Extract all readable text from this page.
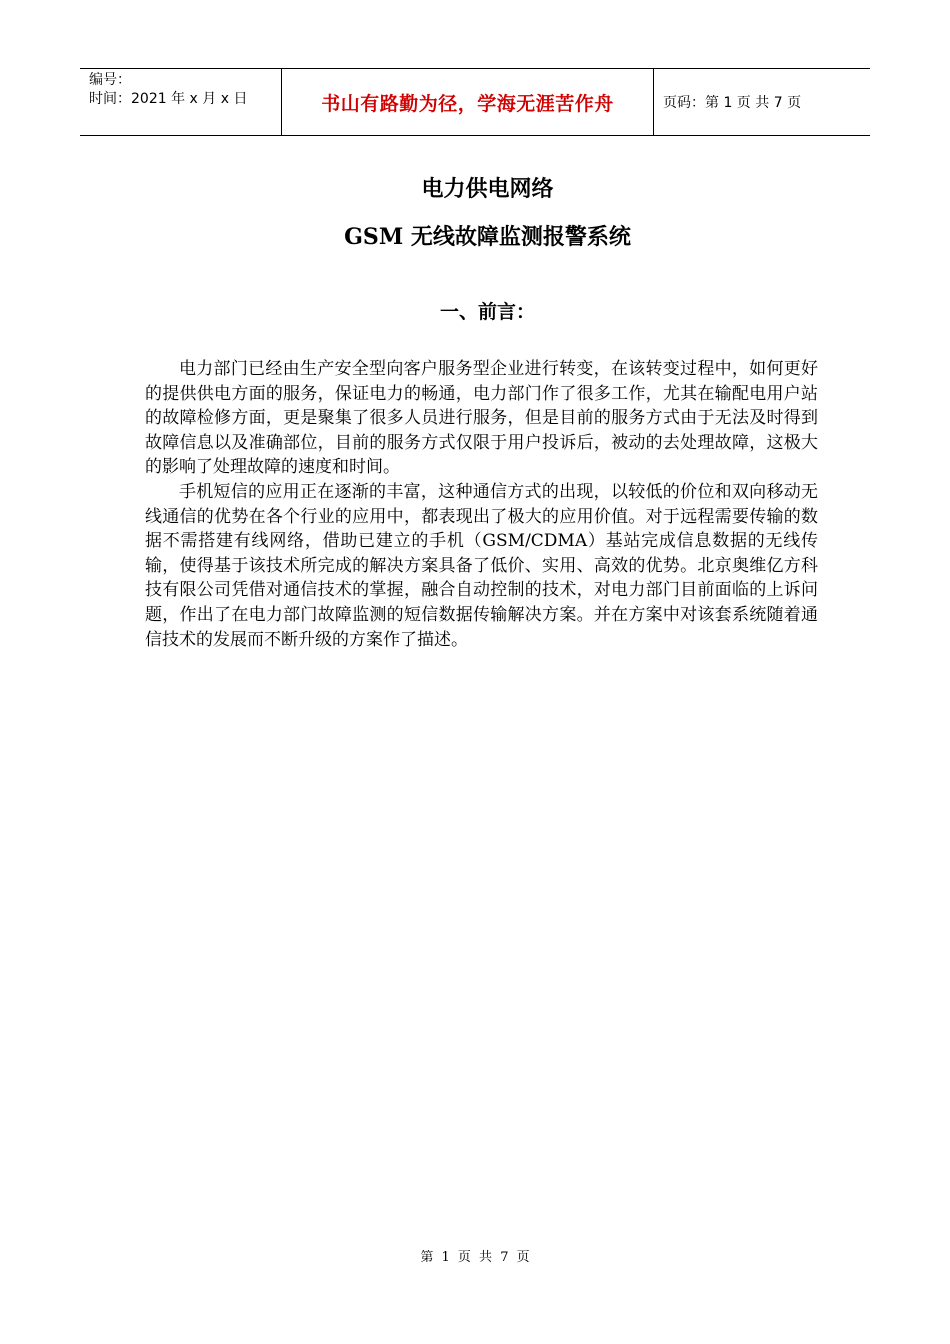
编号：
时间：2021 年 x 月 x 日	书山有路勤为径，学海无涯苦作舟	页码：第 1 页 共 7 页
电力供电网络
GSM 无线故障监测报警系统
一、前言：

电力部门已经由生产安全型向客户服务型企业进行转变，在该转变过程中，如何更好的提供供电方面的服务，保证电力的畅通，电力部门作了很多工作，尤其在输配电用户站的故障检修方面，更是聚集了很多人员进行服务，但是目前的服务方式由于无法及时得到故障信息以及准确部位，目前的服务方式仅限于用户投诉后，被动的去处理故障，这极大的影响了处理故障的速度和时间。

手机短信的应用正在逐渐的丰富，这种通信方式的出现，以较低的价位和双向移动无线通信的优势在各个行业的应用中，都表现出了极大的应用价值。对于远程需要传输的数据不需搭建有线网络，借助已建立的手机（GSM/CDMA）基站完成信息数据的无线传输，使得基于该技术所完成的解决方案具备了低价、实用、高效的优势。北京奥维亿方科技有限公司凭借对通信技术的掌握，融合自动控制的技术，对电力部门目前面临的上诉问题，作出了在电力部门故障监测的短信数据传输解决方案。并在方案中对该套系统随着通信技术的发展而不断升级的方案作了描述。

第 1 页 共 7 页
